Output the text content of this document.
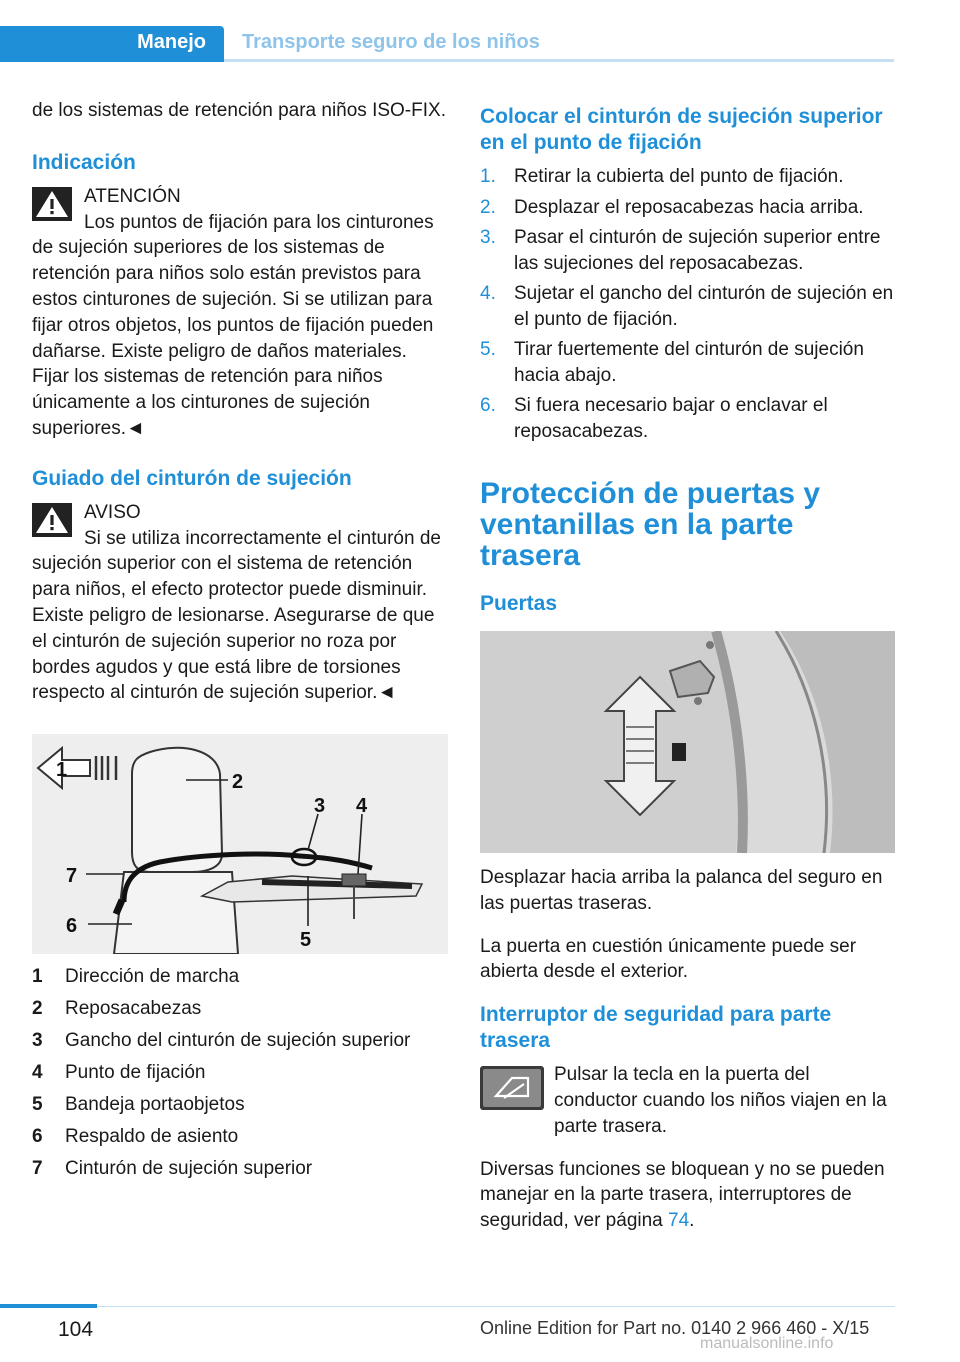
Manejo Transporte seguro de los niños

de los sistemas de retención para niños ISO-FIX.

Indicación

ATENCIÓN

Los puntos de fijación para los cinturones de sujeción superiores de los sistemas de retención para niños solo están previstos para estos cinturones de sujeción. Si se utilizan para fijar otros objetos, los puntos de fijación pueden dañarse. Existe peligro de daños materiales. Fijar los sistemas de retención para niños únicamente a los cinturones de sujeción superiores.◄

Guiado del cinturón de sujeción

AVISO

Si se utiliza incorrectamente el cinturón de sujeción superior con el sistema de retención para niños, el efecto protector puede disminuir. Existe peligro de lesionarse. Asegurarse de que el cinturón de sujeción superior no roza por bordes agudos y que está libre de torsiones respecto al cinturón de sujeción superior.◄

1
2
3 4
5
6
7
1 Dirección de marcha
2 Reposacabezas
3 Gancho del cinturón de sujeción superior
4 Punto de fijación
5 Bandeja portaobjetos
6 Respaldo de asiento
7 Cinturón de sujeción superior
Colocar el cinturón de sujeción superior en el punto de fijación
1. Retirar la cubierta del punto de fijación.
2. Desplazar el reposacabezas hacia arriba.
3. Pasar el cinturón de sujeción superior entre las sujeciones del reposacabezas.
4. Sujetar el gancho del cinturón de sujeción en el punto de fijación.
5. Tirar fuertemente del cinturón de sujeción hacia abajo.
6. Si fuera necesario bajar o enclavar el reposacabezas.
Protección de puertas y ventanillas en la parte trasera
Puertas

Desplazar hacia arriba la palanca del seguro en las puertas traseras.

La puerta en cuestión únicamente puede ser abierta desde el exterior.

Interruptor de seguridad para parte trasera

Pulsar la tecla en la puerta del conductor cuando los niños viajen en la parte trasera.

Diversas funciones se bloquean y no se pueden manejar en la parte trasera, interruptores de seguridad, ver página 74.

104	Online Edition for Part no. 0140 2 966 460 - X/15
manualsonline.info
